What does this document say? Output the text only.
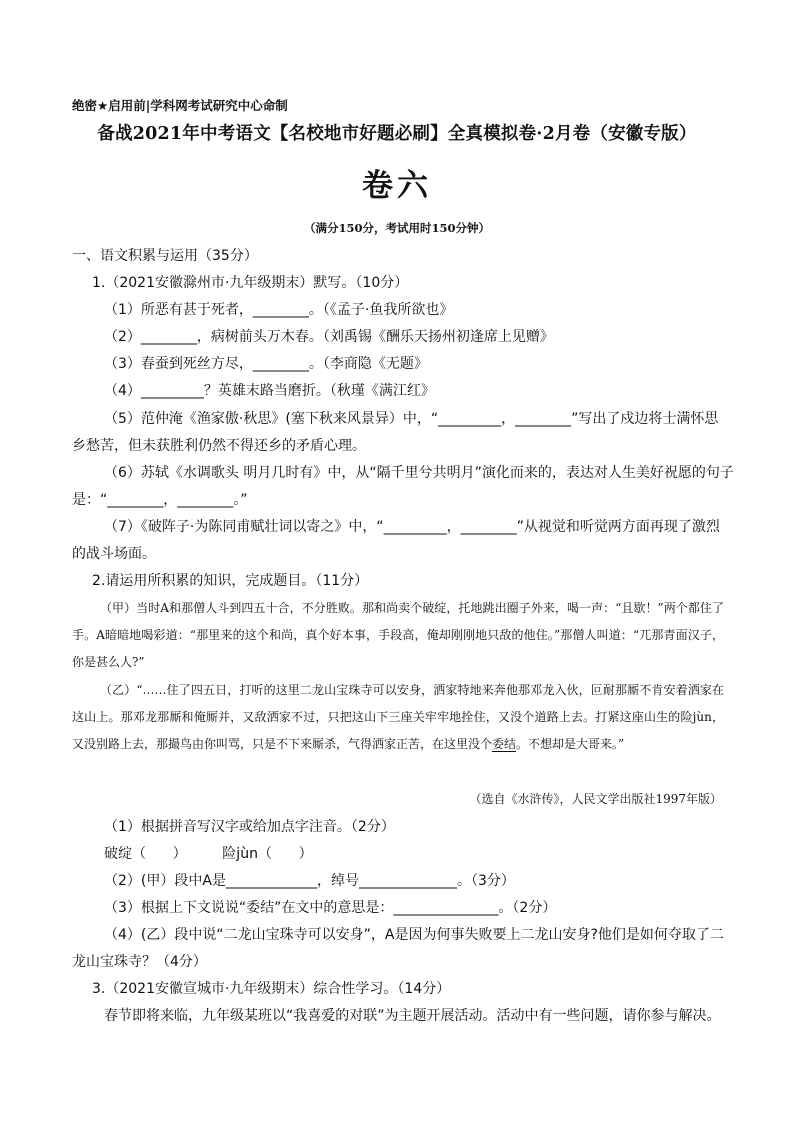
绝密★启用前|学科网考试研究中心命制
备战2021年中考语文【名校地市好题必刷】全真模拟卷·2月卷（安徽专版）
卷六
（满分150分，考试用时150分钟）
一、语文积累与运用（35分）
1.（2021安徽滁州市·九年级期末）默写。（10分）
（1）所恶有甚于死者，________。（《孟子·鱼我所欲也》
（2）________，病树前头万木春。（刘禹锡《酬乐天扬州初逢席上见赠》
（3）春蚕到死丝方尽，________。（李商隐《无题》
（4）_________？英雄末路当磨折。（秋瑾《满江红》
（5）范仲淹《渔家傲·秋思》(塞下秋来风景异）中，“_________，________”写出了戍边将士满怀思
乡愁苦，但未获胜利仍然不得还乡的矛盾心理。
（6）苏轼《水调歌头 明月几时有》中，从“隔千里兮共明月”演化而来的，表达对人生美好祝愿的句子
是：“________，________。”
（7）《破阵子·为陈同甫赋壮词以寄之》中，“_________，________”从视觉和听觉两方面再现了激烈
的战斗场面。
2.请运用所积累的知识，完成题目。（11分）
（甲）当时A和那僧人斗到四五十合，不分胜败。那和尚卖个破绽，托地跳出圈子外来，喝一声：“且歇！”两个都住了手。A暗暗地喝彩道：“那里来的这个和尚，真个好本事，手段高，俺却刚刚地只敌的他住。”那僧人叫道：“兀那青面汉子，你是甚么人?”
（乙）“……住了四五日，打听的这里二龙山宝珠寺可以安身，洒家特地来奔他那邓龙入伙，叵耐那厮不肯安着洒家在这山上。那邓龙那厮和俺厮并，又敌洒家不过，只把这山下三座关牢牢地拴住，又没个道路上去。打紧这座山生的险jùn，又没别路上去，那撮鸟由你叫骂，只是不下来厮杀，气得洒家正苦，在这里没个委结。不想却是大哥来。”
（选自《水浒传》，人民文学出版社1997年版）
（1）根据拼音写汉字或给加点字注音。（2分）
破绽（      ）        险jùn（      ）
（2）(甲）段中A是_____________，绰号______________。（3分）
（3）根据上下文说说“委结”在文中的意思是：_______________。（2分）
（4）(乙）段中说“二龙山宝珠寺可以安身”，A是因为何事失败要上二龙山安身?他们是如何夺取了二
龙山宝珠寺？（4分）
3.（2021安徽宣城市·九年级期末）综合性学习。（14分）
春节即将来临，九年级某班以“我喜爱的对联”为主题开展活动。活动中有一些问题，请你参与解决。
